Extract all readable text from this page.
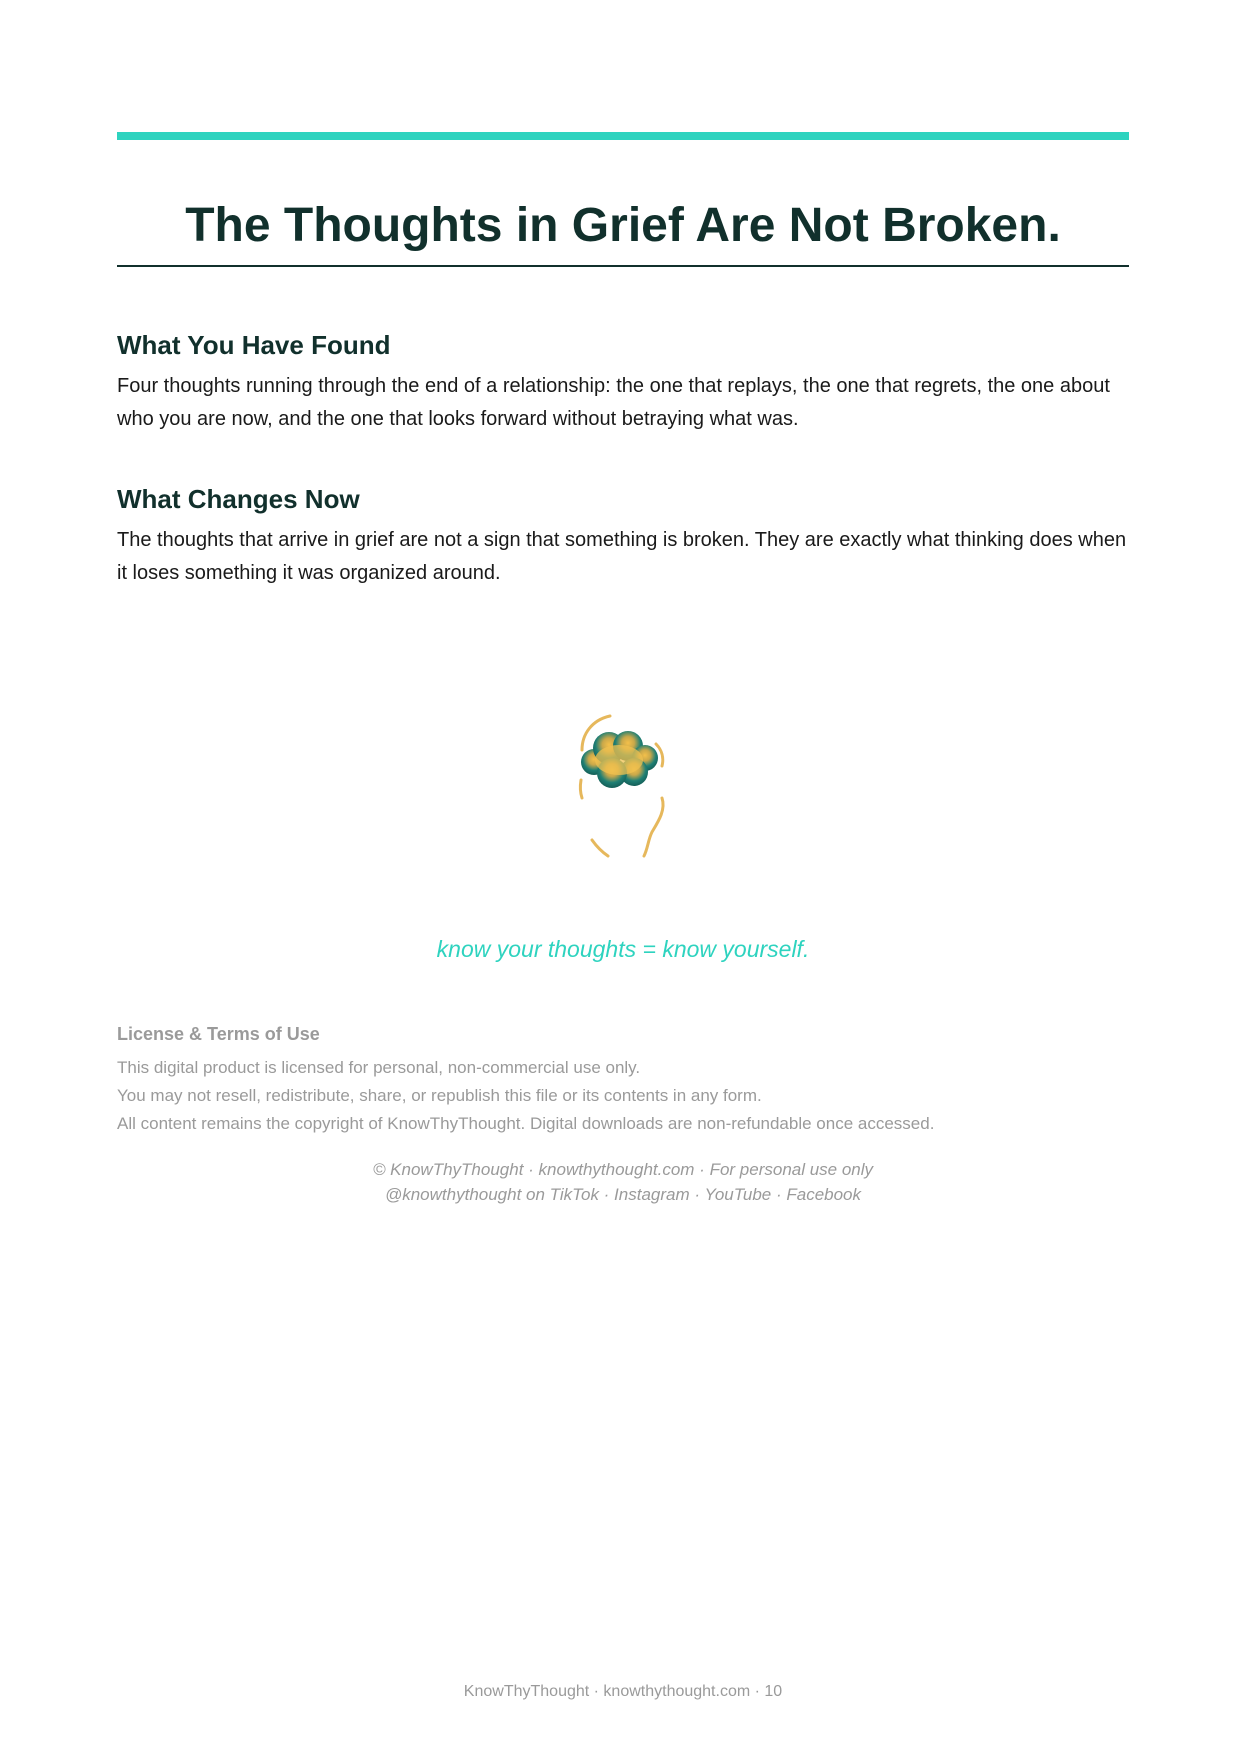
The Thoughts in Grief Are Not Broken.
What You Have Found

Four thoughts running through the end of a relationship: the one that replays, the one that regrets, the one about who you are now, and the one that looks forward without betraying what was.

What Changes Now

The thoughts that arrive in grief are not a sign that something is broken. They are exactly what thinking does when it loses something it was organized around.

know your thoughts = know yourself.
License & Terms of Use
This digital product is licensed for personal, non-commercial use only.
You may not resell, redistribute, share, or republish this file or its contents in any form.
All content remains the copyright of KnowThyThought. Digital downloads are non-refundable once accessed.
© KnowThyThought · knowthythought.com · For personal use only
@knowthythought on TikTok · Instagram · YouTube · Facebook
KnowThyThought · knowthythought.com · 10
